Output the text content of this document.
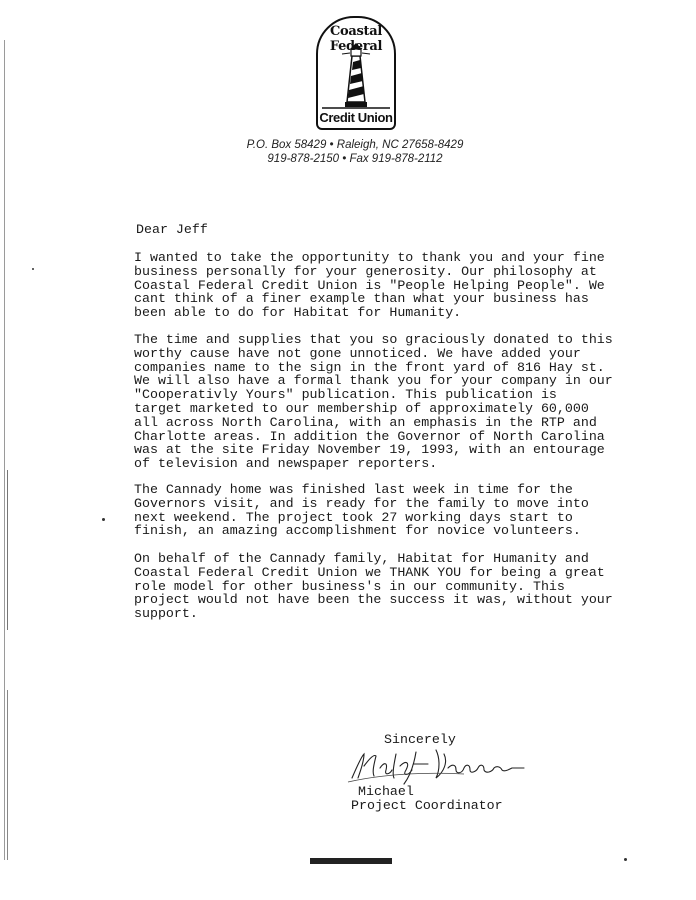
Coastal Federal
Credit Union
P.O. Box 58429 • Raleigh, NC 27658-8429
919-878-2150 • Fax 919-878-2112
Dear Jeff

I wanted to take the opportunity to thank you and your fine
business personally for your generosity. Our philosophy at
Coastal Federal Credit Union is "People Helping People". We
cant think of a finer example than what your business has
been able to do for Habitat for Humanity.

The time and supplies that you so graciously donated to this
worthy cause have not gone unnoticed. We have added your
companies name to the sign in the front yard of 816 Hay st.
We will also have a formal thank you for your company in our
"Cooperativly Yours" publication. This publication is
target marketed to our membership of approximately 60,000
all across North Carolina, with an emphasis in the RTP and
Charlotte areas. In addition the Governor of North Carolina
was at the site Friday November 19, 1993, with an entourage
of television and newspaper reporters.

The Cannady home was finished last week in time for the
Governors visit, and is ready for the family to move into
next weekend. The project took 27 working days start to
finish, an amazing accomplishment for novice volunteers.

On behalf of the Cannady family, Habitat for Humanity and
Coastal Federal Credit Union we THANK YOU for being a great
role model for other business's in our community. This
project would not have been the success it was, without your
support.

Sincerely
Michael
Project Coordinator
